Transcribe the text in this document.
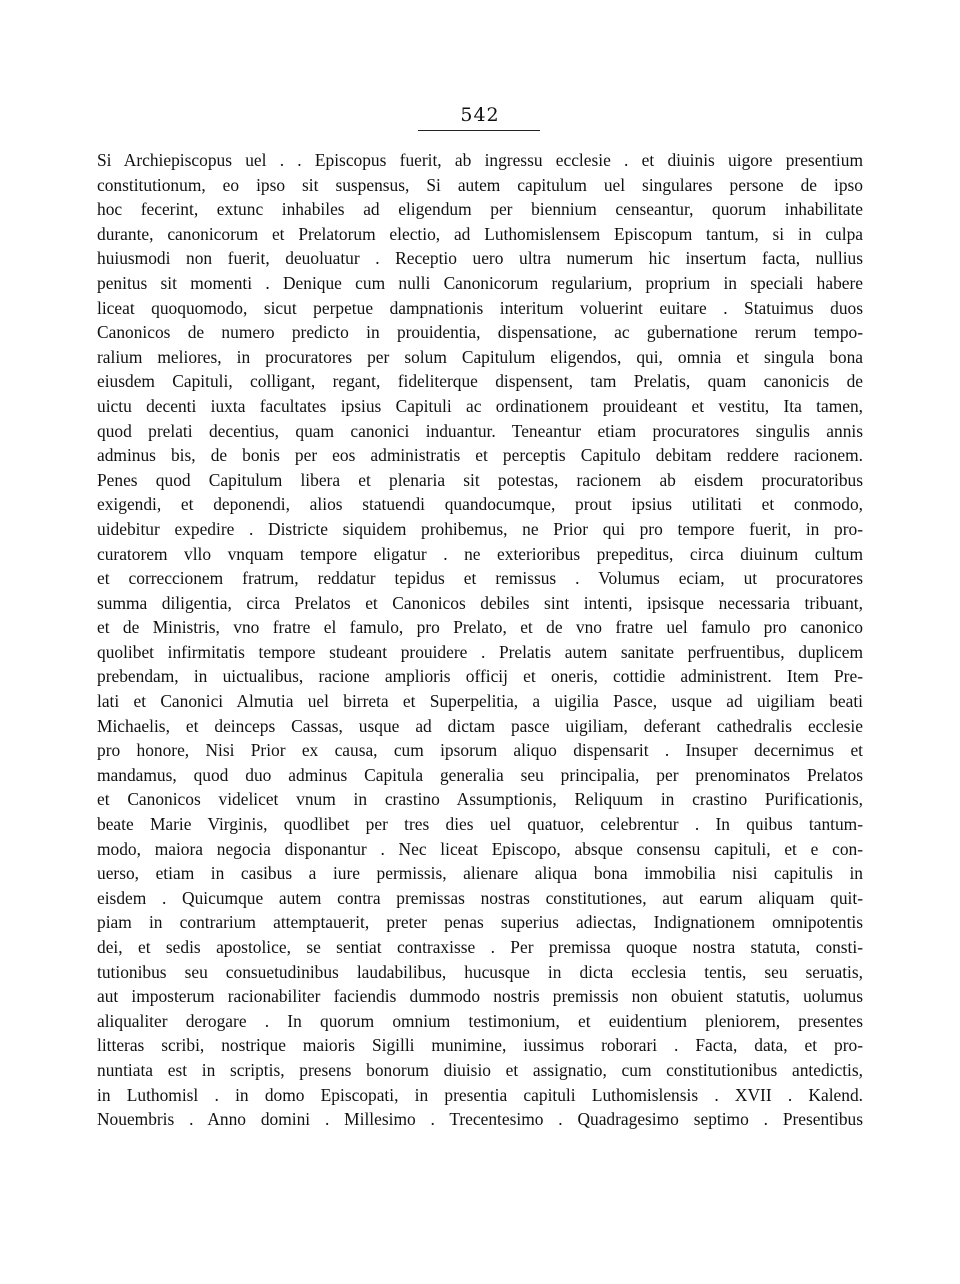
542
Si Archiepiscopus uel . . Episcopus fuerit, ab ingressu ecclesie . et diuinis uigore presentium
constitutionum, eo ipso sit suspensus, Si autem capitulum uel singulares persone de ipso
hoc fecerint, extunc inhabiles ad eligendum per biennium censeantur, quorum inhabilitate
durante, canonicorum et Prelatorum electio, ad Luthomislensem Episcopum tantum, si in culpa
huiusmodi non fuerit, deuoluatur . Receptio uero ultra numerum hic insertum facta, nullius
penitus sit momenti . Denique cum nulli Canonicorum regularium, proprium in speciali habere
liceat quoquomodo, sicut perpetue dampnationis interitum voluerint euitare . Statuimus duos
Canonicos de numero predicto in prouidentia, dispensatione, ac gubernatione rerum tempo-
ralium meliores, in procuratores per solum Capitulum eligendos, qui, omnia et singula bona
eiusdem Capituli, colligant, regant, fideliterque dispensent, tam Prelatis, quam canonicis de
uictu decenti iuxta facultates ipsius Capituli ac ordinationem prouideant et vestitu, Ita tamen,
quod prelati decentius, quam canonici induantur. Teneantur etiam procuratores singulis annis
adminus bis, de bonis per eos administratis et perceptis Capitulo debitam reddere racionem.
Penes quod Capitulum libera et plenaria sit potestas, racionem ab eisdem procuratoribus
exigendi, et deponendi, alios statuendi quandocumque, prout ipsius utilitati et conmodo,
uidebitur expedire . Districte siquidem prohibemus, ne Prior qui pro tempore fuerit, in pro-
curatorem vllo vnquam tempore eligatur . ne exterioribus prepeditus, circa diuinum cultum
et correccionem fratrum, reddatur tepidus et remissus . Volumus eciam, ut procuratores
summa diligentia, circa Prelatos et Canonicos debiles sint intenti, ipsisque necessaria tribuant,
et de Ministris, vno fratre el famulo, pro Prelato, et de vno fratre uel famulo pro canonico
quolibet infirmitatis tempore studeant prouidere . Prelatis autem sanitate perfruentibus, duplicem
prebendam, in uictualibus, racione amplioris officij et oneris, cottidie administrent. Item Pre-
lati et Canonici Almutia uel birreta et Superpelitia, a uigilia Pasce, usque ad uigiliam beati
Michaelis, et deinceps Cassas, usque ad dictam pasce uigiliam, deferant cathedralis ecclesie
pro honore, Nisi Prior ex causa, cum ipsorum aliquo dispensarit . Insuper decernimus et
mandamus, quod duo adminus Capitula generalia seu principalia, per prenominatos Prelatos
et Canonicos videlicet vnum in crastino Assumptionis, Reliquum in crastino Purificationis,
beate Marie Virginis, quodlibet per tres dies uel quatuor, celebrentur . In quibus tantum-
modo, maiora negocia disponantur . Nec liceat Episcopo, absque consensu capituli, et e con-
uerso, etiam in casibus a iure permissis, alienare aliqua bona immobilia nisi capitulis in
eisdem . Quicumque autem contra premissas nostras constitutiones, aut earum aliquam quit-
piam in contrarium attemptauerit, preter penas superius adiectas, Indignationem omnipotentis
dei, et sedis apostolice, se sentiat contraxisse . Per premissa quoque nostra statuta, consti-
tutionibus seu consuetudinibus laudabilibus, hucusque in dicta ecclesia tentis, seu seruatis,
aut imposterum racionabiliter faciendis dummodo nostris premissis non obuient statutis, uolumus
aliqualiter derogare . In quorum omnium testimonium, et euidentium pleniorem, presentes
litteras scribi, nostrique maioris Sigilli munimine, iussimus roborari . Facta, data, et pro-
nuntiata est in scriptis, presens bonorum diuisio et assignatio, cum constitutionibus antedictis,
in Luthomisl . in domo Episcopati, in presentia capituli Luthomislensis . XVII . Kalend.
Nouembris . Anno domini . Millesimo . Trecentesimo . Quadragesimo septimo . Presentibus
